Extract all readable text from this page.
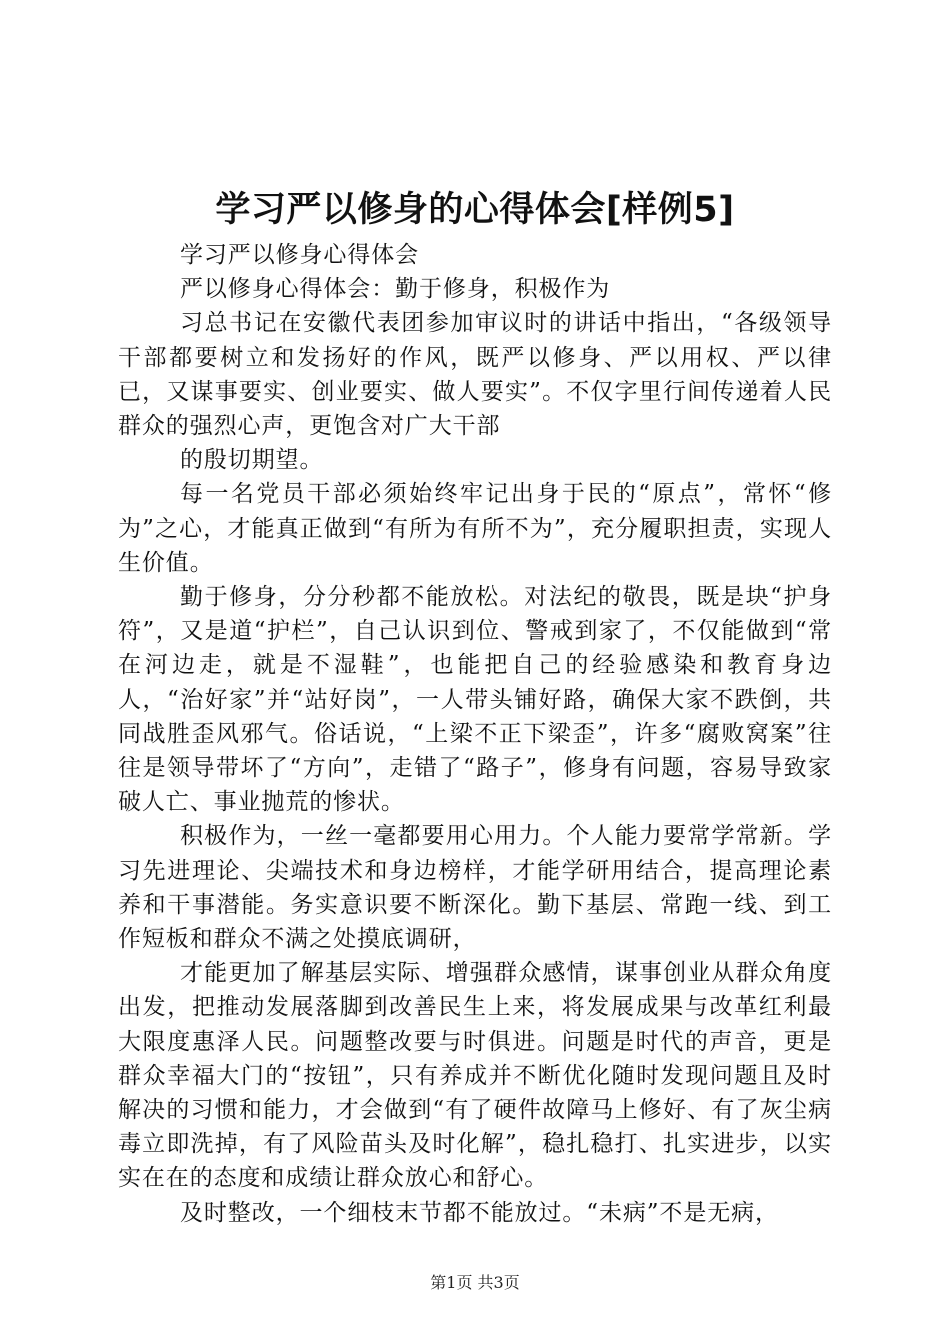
学习严以修身的心得体会[样例5]

学习严以修身心得体会

严以修身心得体会：勤于修身，积极作为

习总书记在安徽代表团参加审议时的讲话中指出，“各级领导干部都要树立和发扬好的作风，既严以修身、严以用权、严以律已，又谋事要实、创业要实、做人要实”。不仅字里行间传递着人民群众的强烈心声，更饱含对广大干部

的殷切期望。

每一名党员干部必须始终牢记出身于民的“原点”，常怀“修为”之心，才能真正做到“有所为有所不为”，充分履职担责，实现人生价值。

勤于修身，分分秒都不能放松。对法纪的敬畏，既是块“护身符”，又是道“护栏”，自己认识到位、警戒到家了，不仅能做到“常在河边走，就是不湿鞋”，也能把自己的经验感染和教育身边人，“治好家”并“站好岗”，一人带头铺好路，确保大家不跌倒，共同战胜歪风邪气。俗话说，“上梁不正下梁歪”，许多“腐败窝案”往往是领导带坏了“方向”，走错了“路子”，修身有问题，容易导致家破人亡、事业抛荒的惨状。

积极作为，一丝一毫都要用心用力。个人能力要常学常新。学习先进理论、尖端技术和身边榜样，才能学研用结合，提高理论素养和干事潜能。务实意识要不断深化。勤下基层、常跑一线、到工作短板和群众不满之处摸底调研，

才能更加了解基层实际、增强群众感情，谋事创业从群众角度出发，把推动发展落脚到改善民生上来，将发展成果与改革红利最大限度惠泽人民。问题整改要与时俱进。问题是时代的声音，更是群众幸福大门的“按钮”，只有养成并不断优化随时发现问题且及时解决的习惯和能力，才会做到“有了硬件故障马上修好、有了灰尘病毒立即洗掉，有了风险苗头及时化解”，稳扎稳打、扎实进步，以实实在在的态度和成绩让群众放心和舒心。

及时整改，一个细枝末节都不能放过。“未病”不是无病，

第1页 共3页
